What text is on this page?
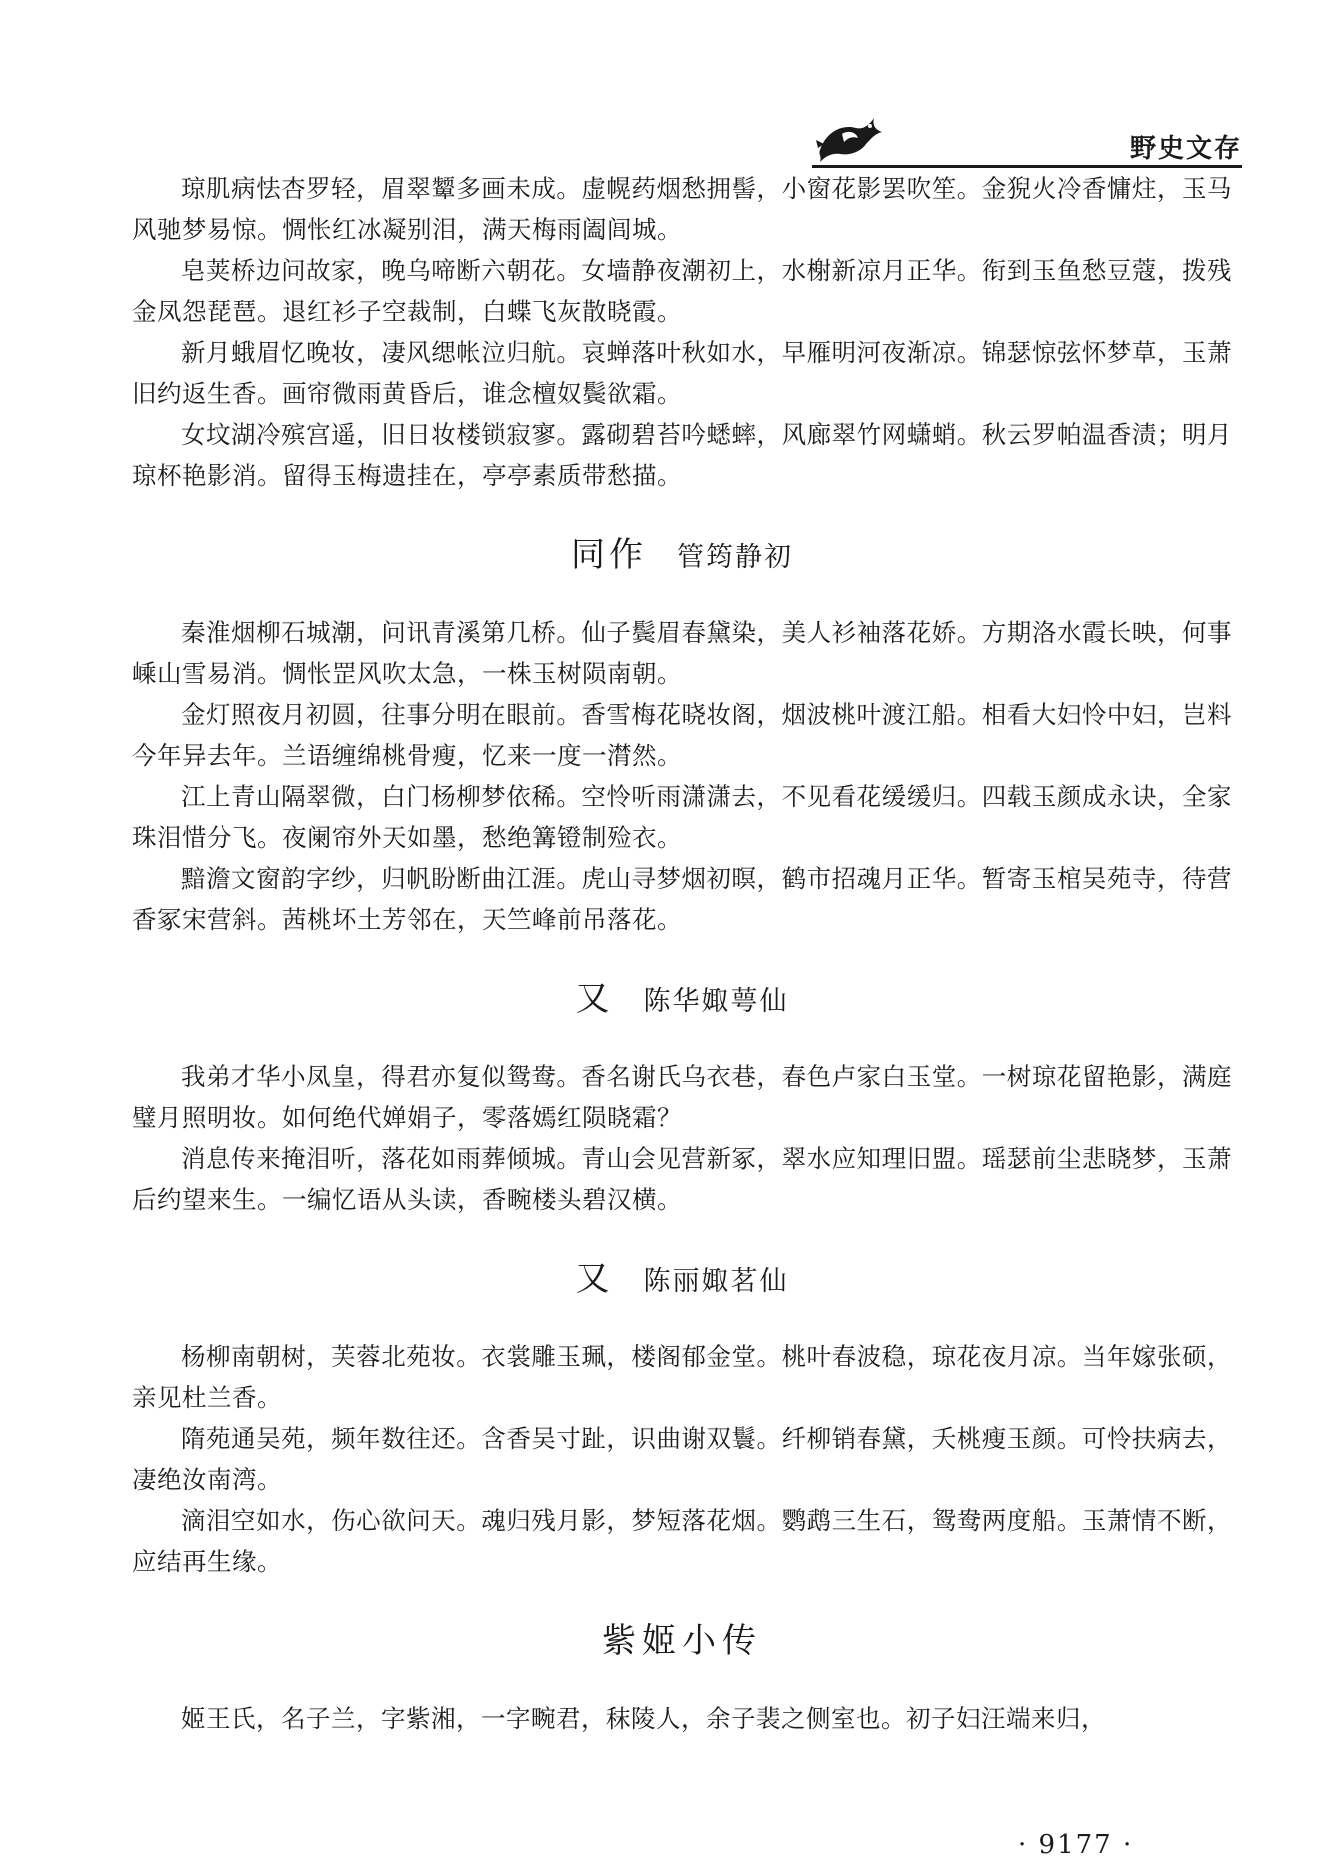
野史文存

琼肌病怯杏罗轻，眉翠颦多画未成。虚幌药烟愁拥髻，小窗花影罢吹笙。金猊火冷香慵炷，玉马风驰梦易惊。惆怅红冰凝别泪，满天梅雨阖闾城。

皂荚桥边问故家，晚乌啼断六朝花。女墙静夜潮初上，水榭新凉月正华。衔到玉鱼愁豆蔻，拨残金凤怨琵琶。退红衫子空裁制，白蝶飞灰散晓霞。

新月蛾眉忆晚妆，凄风缌帐泣归航。哀蝉落叶秋如水，早雁明河夜渐凉。锦瑟惊弦怀梦草，玉萧旧约返生香。画帘微雨黄昏后，谁念檀奴鬓欲霜。

女坟湖冷殡宫遥，旧日妆楼锁寂寥。露砌碧苔吟蟋蟀，风廊翠竹网蟏蛸。秋云罗帕温香渍；明月琼杯艳影消。留得玉梅遗挂在，亭亭素质带愁描。

同作 管筠静初

秦淮烟柳石城潮，问讯青溪第几桥。仙子鬓眉春黛染，美人衫袖落花娇。方期洛水霞长映，何事嵊山雪易消。惆怅罡风吹太急，一株玉树陨南朝。

金灯照夜月初圆，往事分明在眼前。香雪梅花晓妆阁，烟波桃叶渡江船。相看大妇怜中妇，岂料今年异去年。兰语缠绵桃骨瘦，忆来一度一潸然。

江上青山隔翠微，白门杨柳梦依稀。空怜听雨潇潇去，不见看花缓缓归。四载玉颜成永诀，全家珠泪惜分飞。夜阑帘外天如墨，愁绝篝镫制殓衣。

黯澹文窗韵字纱，归帆盼断曲江涯。虎山寻梦烟初暝，鹤市招魂月正华。暂寄玉棺吴苑寺，待营香冢宋营斜。茜桃坏土芳邻在，天竺峰前吊落花。

又 陈华娵萼仙

我弟才华小凤皇，得君亦复似鸳鸯。香名谢氏乌衣巷，春色卢家白玉堂。一树琼花留艳影，满庭璧月照明妆。如何绝代婵娟子，零落嫣红陨晓霜？

消息传来掩泪听，落花如雨葬倾城。青山会见营新冢，翠水应知理旧盟。瑶瑟前尘悲晓梦，玉萧后约望来生。一编忆语从头读，香畹楼头碧汉横。

又 陈丽娵茗仙

杨柳南朝树，芙蓉北苑妆。衣裳雕玉珮，楼阁郁金堂。桃叶春波稳，琼花夜月凉。当年嫁张硕，亲见杜兰香。

隋苑通吴苑，频年数往还。含香吴寸趾，识曲谢双鬟。纤柳销春黛，夭桃瘦玉颜。可怜扶病去，凄绝汝南湾。

滴泪空如水，伤心欲问天。魂归残月影，梦短落花烟。鹦鹉三生石，鸳鸯两度船。玉萧情不断，应结再生缘。

紫姬小传

姬王氏，名子兰，字紫湘，一字畹君，秣陵人，余子裴之侧室也。初子妇汪端来归，

· 9177 ·
